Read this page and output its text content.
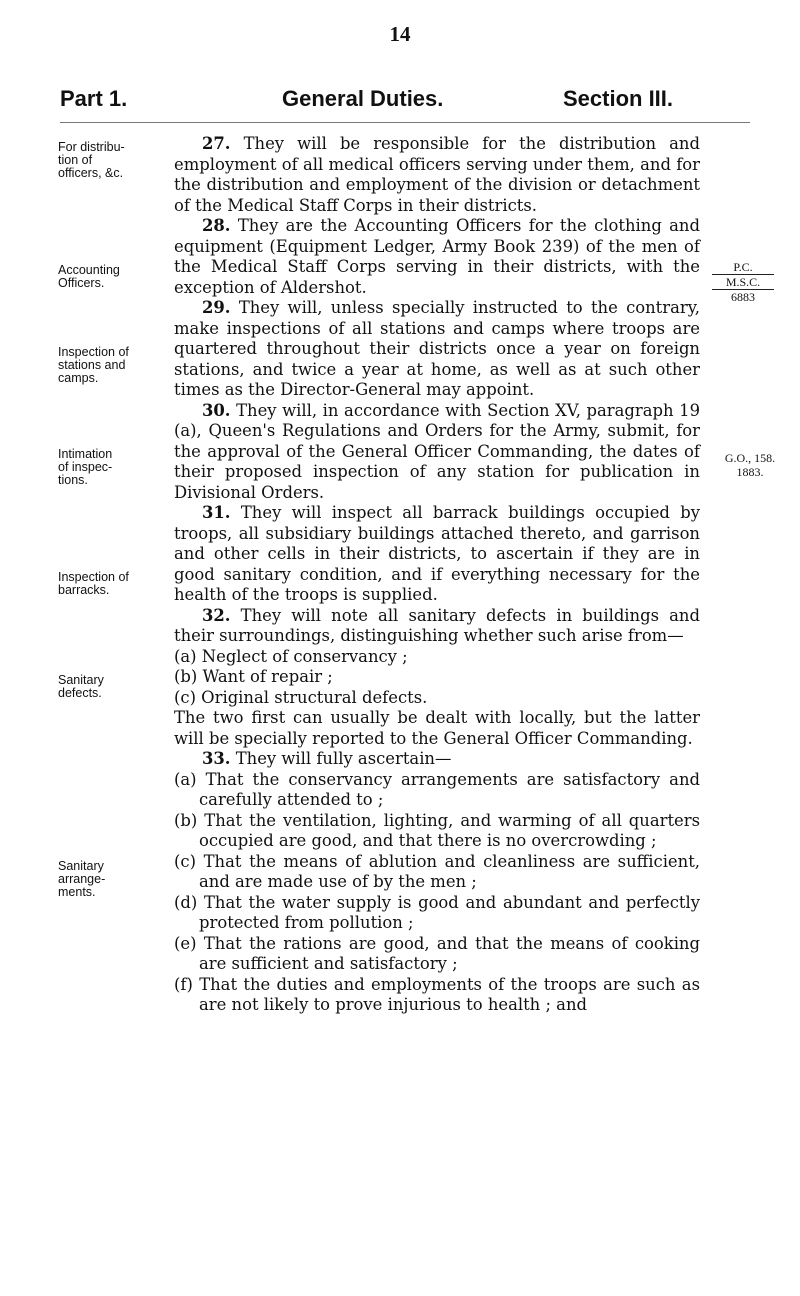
14
Part 1.	General Duties.	Section III.
For distribu-
tion of
officers, &c.
Accounting
Officers.
Inspection of
stations and
camps.
Intimation
of inspec-
tions.
Inspection of
barracks.
Sanitary
defects.
Sanitary
arrange-
ments.
P.C.
M.S.C.
6883
G.O., 158.
1883.

27. They will be responsible for the distribution and employment of all medical officers serving under them, and for the distribution and employment of the division or detachment of the Medical Staff Corps in their districts.

28. They are the Accounting Officers for the clothing and equipment (Equipment Ledger, Army Book 239) of the men of the Medical Staff Corps serving in their districts, with the exception of Aldershot.

29. They will, unless specially instructed to the contrary, make inspections of all stations and camps where troops are quartered throughout their districts once a year on foreign stations, and twice a year at home, as well as at such other times as the Director-General may appoint.

30. They will, in accordance with Section XV, paragraph 19 (a), Queen's Regulations and Orders for the Army, submit, for the approval of the General Officer Commanding, the dates of their proposed inspection of any station for publication in Divisional Orders.

31. They will inspect all barrack buildings occupied by troops, all subsidiary buildings attached thereto, and garrison and other cells in their districts, to ascertain if they are in good sanitary condition, and if everything necessary for the health of the troops is supplied.

32. They will note all sanitary defects in buildings and their surroundings, distinguishing whether such arise from—

(a) Neglect of conservancy ;
(b) Want of repair ;
(c) Original structural defects.

The two first can usually be dealt with locally, but the latter will be specially reported to the General Officer Commanding.

33. They will fully ascertain—

(a) That the conservancy arrangements are satisfactory and carefully attended to ;
(b) That the ventilation, lighting, and warming of all quarters occupied are good, and that there is no overcrowding ;
(c) That the means of ablution and cleanliness are sufficient, and are made use of by the men ;
(d) That the water supply is good and abundant and perfectly protected from pollution ;
(e) That the rations are good, and that the means of cooking are sufficient and satisfactory ;
(f) That the duties and employments of the troops are such as are not likely to prove injurious to health ; and
